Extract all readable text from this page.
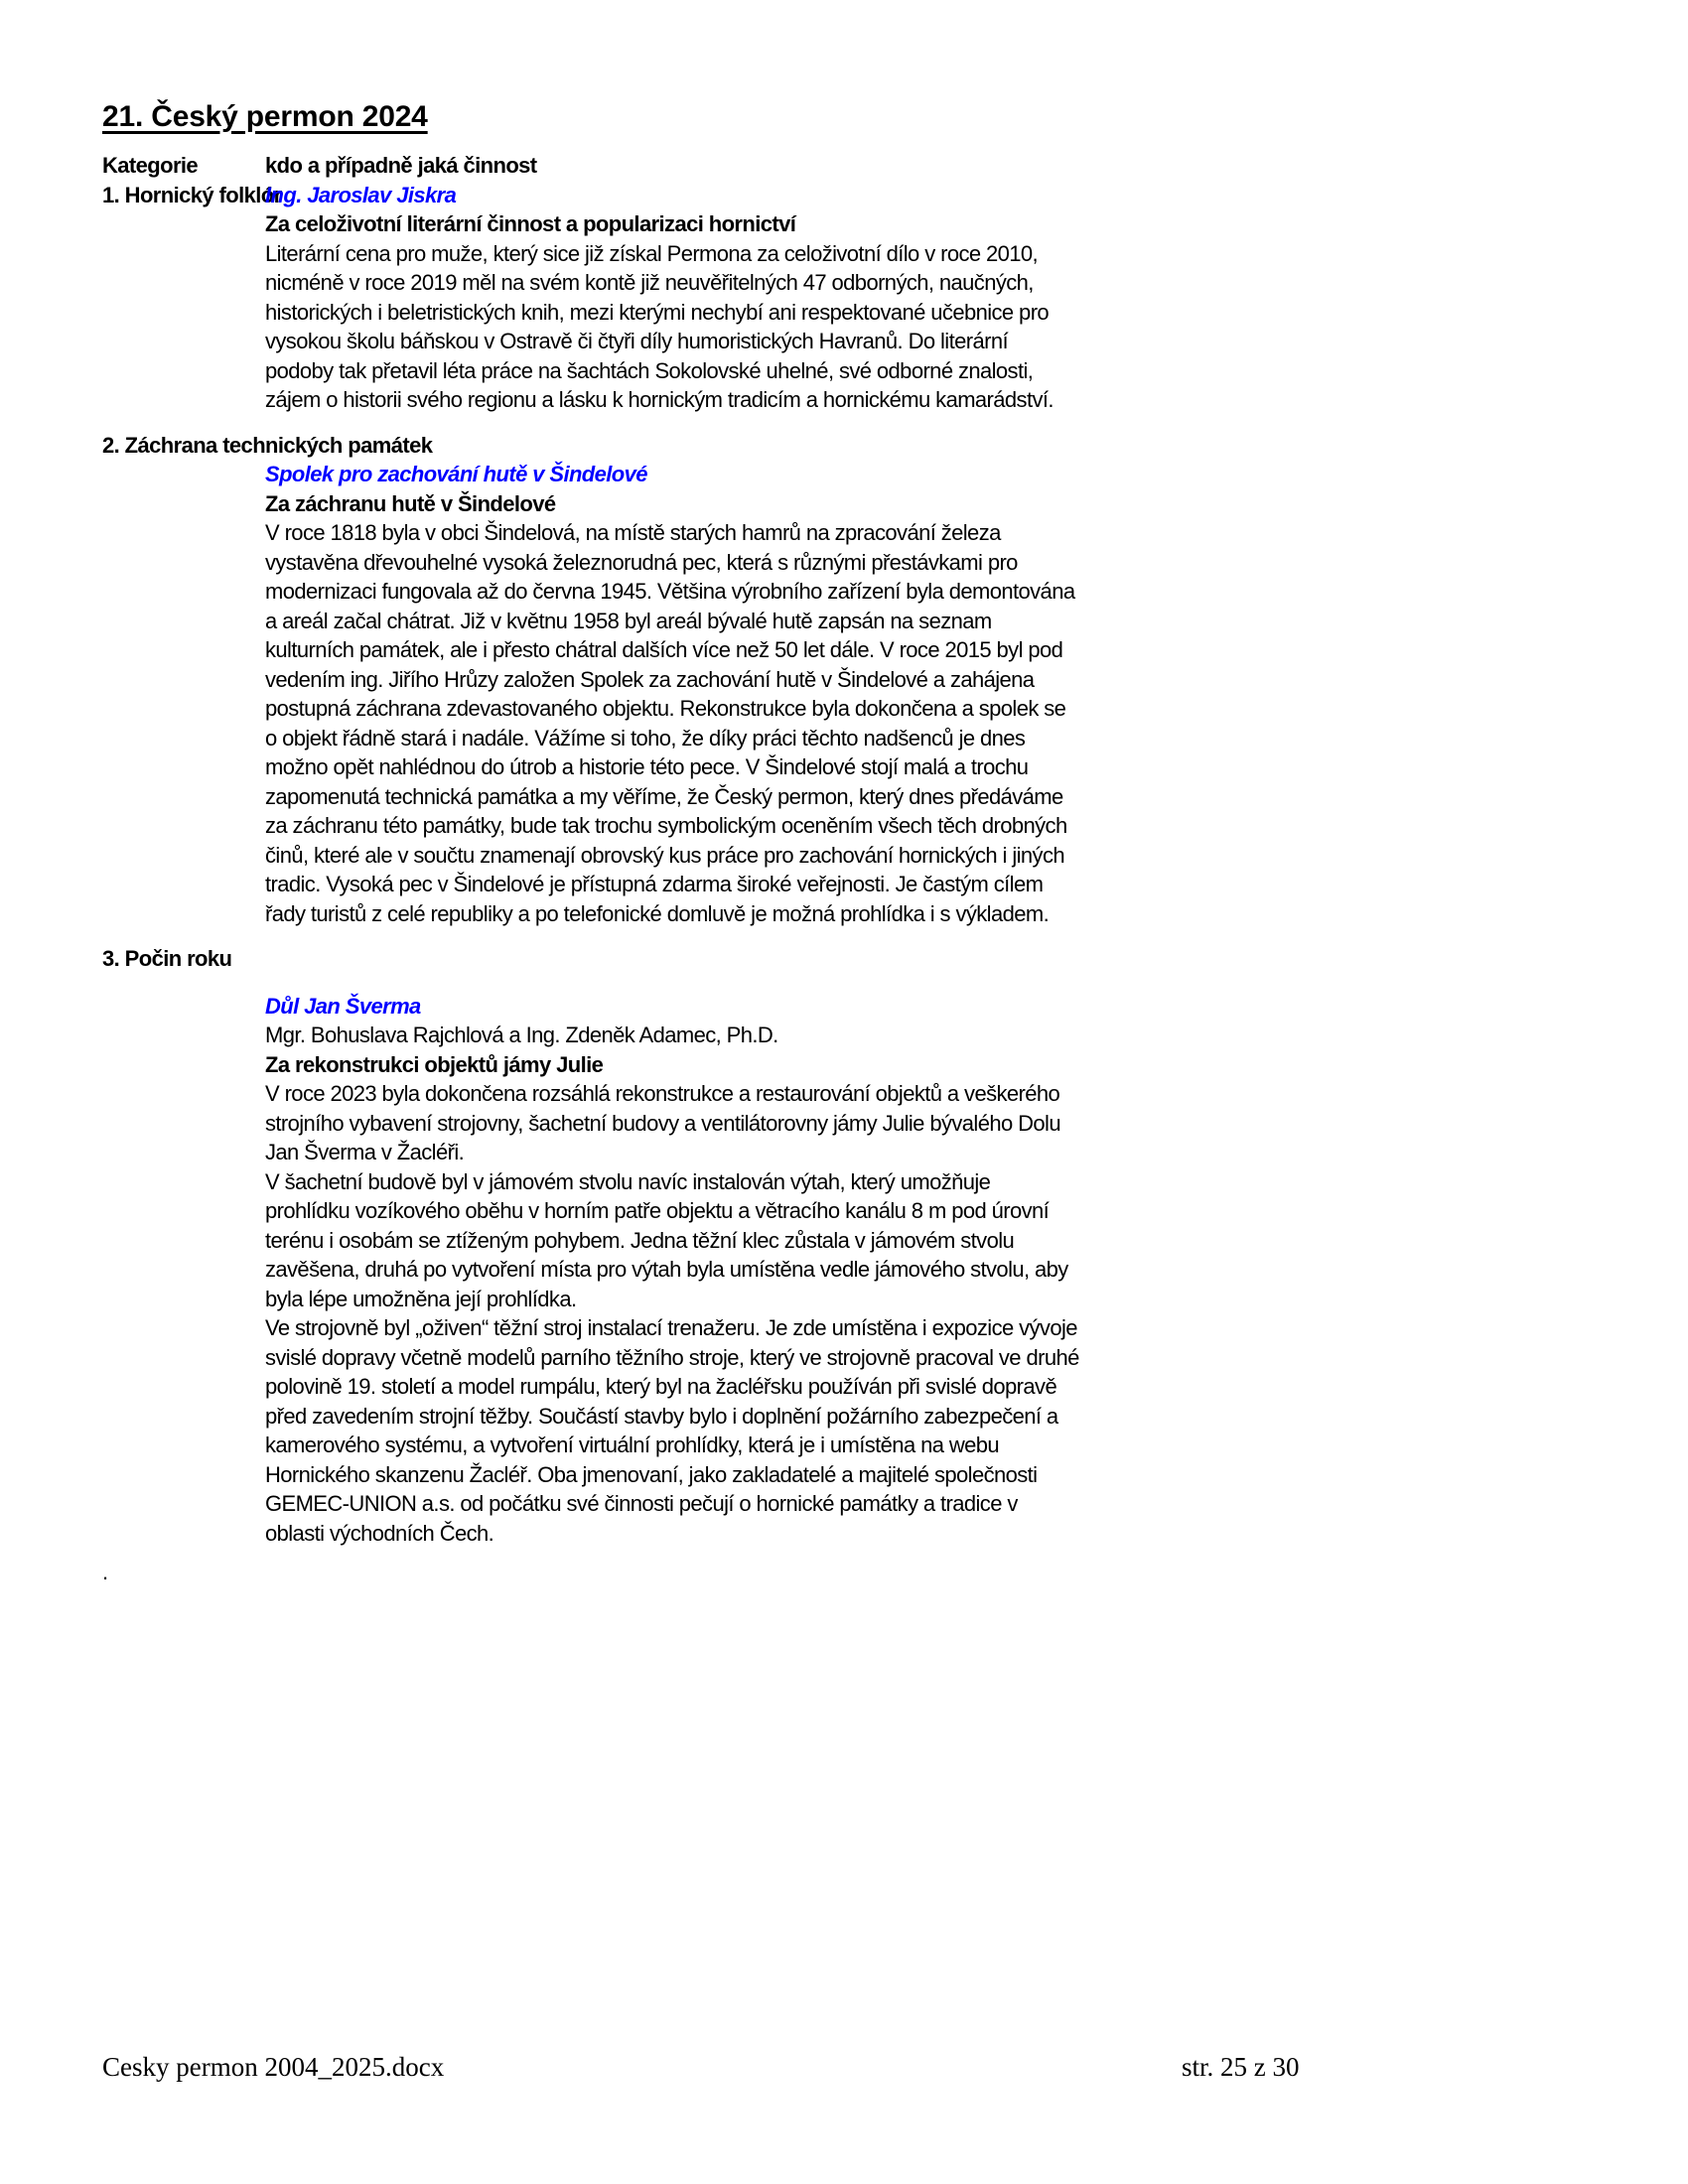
21. Český permon 2024
Kategorie	kdo a případně jaká činnost
1. Hornický folklór
Ing. Jaroslav Jiskra
Za celoživotní literární činnost a popularizaci hornictví
Literární cena pro muže, který sice již získal Permona za celoživotní dílo v roce 2010, nicméně v roce 2019 měl na svém kontě již neuvěřitelných 47 odborných, naučných, historických i beletristických knih, mezi kterými nechybí ani respektované učebnice pro vysokou školu báňskou v Ostravě či čtyři díly humoristických Havranů. Do literární podoby tak přetavil léta práce na šachtách Sokolovské uhelné, své odborné znalosti, zájem o historii svého regionu a lásku k hornickým tradicím a hornickému kamarádství.
2. Záchrana technických památek
Spolek pro zachování hutě v Šindelové
Za záchranu hutě v Šindelové
V roce 1818 byla v obci Šindelová, na místě starých hamrů na zpracování železa vystavěna dřevouhelné vysoká železnorudná pec, která s různými přestávkami pro modernizaci fungovala až do června 1945. Většina výrobního zařízení byla demontována a areál začal chátrat. Již v květnu 1958 byl areál bývalé hutě zapsán na seznam kulturních památek, ale i přesto chátral dalších více než 50 let dále. V roce 2015 byl pod vedením ing. Jiřího Hrůzy založen Spolek za zachování hutě v Šindelové a zahájena postupná záchrana zdevastovaného objektu. Rekonstrukce byla dokončena a spolek se o objekt řádně stará i nadále. Vážíme si toho, že díky práci těchto nadšenců je dnes možno opět nahlédnou do útrob a historie této pece. V Šindelové stojí malá a trochu zapomenutá technická památka a my věříme, že Český permon, který dnes předáváme za záchranu této památky, bude tak trochu symbolickým oceněním všech těch drobných činů, které ale v součtu znamenají obrovský kus práce pro zachování hornických i jiných tradic. Vysoká pec v Šindelové je přístupná zdarma široké veřejnosti. Je častým cílem řady turistů z celé republiky a po telefonické domluvě je možná prohlídka i s výkladem.
3. Počin roku
Důl Jan Šverma
Mgr. Bohuslava Rajchlová a Ing. Zdeněk Adamec, Ph.D.
Za rekonstrukci objektů jámy Julie
V roce 2023 byla dokončena rozsáhlá rekonstrukce a restaurování objektů a veškerého strojního vybavení strojovny, šachetní budovy a ventilátorovny jámy Julie bývalého Dolu Jan Šverma v Žacléři.
V šachetní budově byl v jámovém stvolu navíc instalován výtah, který umožňuje prohlídku vozíkového oběhu v horním patře objektu a větracího kanálu 8 m pod úrovní terénu i osobám se ztíženým pohybem. Jedna těžní klec zůstala v jámovém stvolu zavěšena, druhá po vytvoření místa pro výtah byla umístěna vedle jámového stvolu, aby byla lépe umožněna její prohlídka.
Ve strojovně byl „oživen“ těžní stroj instalací trenažeru. Je zde umístěna i expozice vývoje svislé dopravy včetně modelů parního těžního stroje, který ve strojovně pracoval ve druhé polovině 19. století a model rumpálu, který byl na žacléřsku používán při svislé dopravě před zavedením strojní těžby. Součástí stavby bylo i doplnění požárního zabezpečení a kamerového systému, a vytvoření virtuální prohlídky, která je i umístěna na webu Hornického skanzenu Žacléř. Oba jmenovaní, jako zakladatelé a majitelé společnosti GEMEC-UNION a.s. od počátku své činnosti pečují o hornické památky a tradice v oblasti východních Čech.
.
Cesky permon 2004_2025.docx	str. 25 z 30
